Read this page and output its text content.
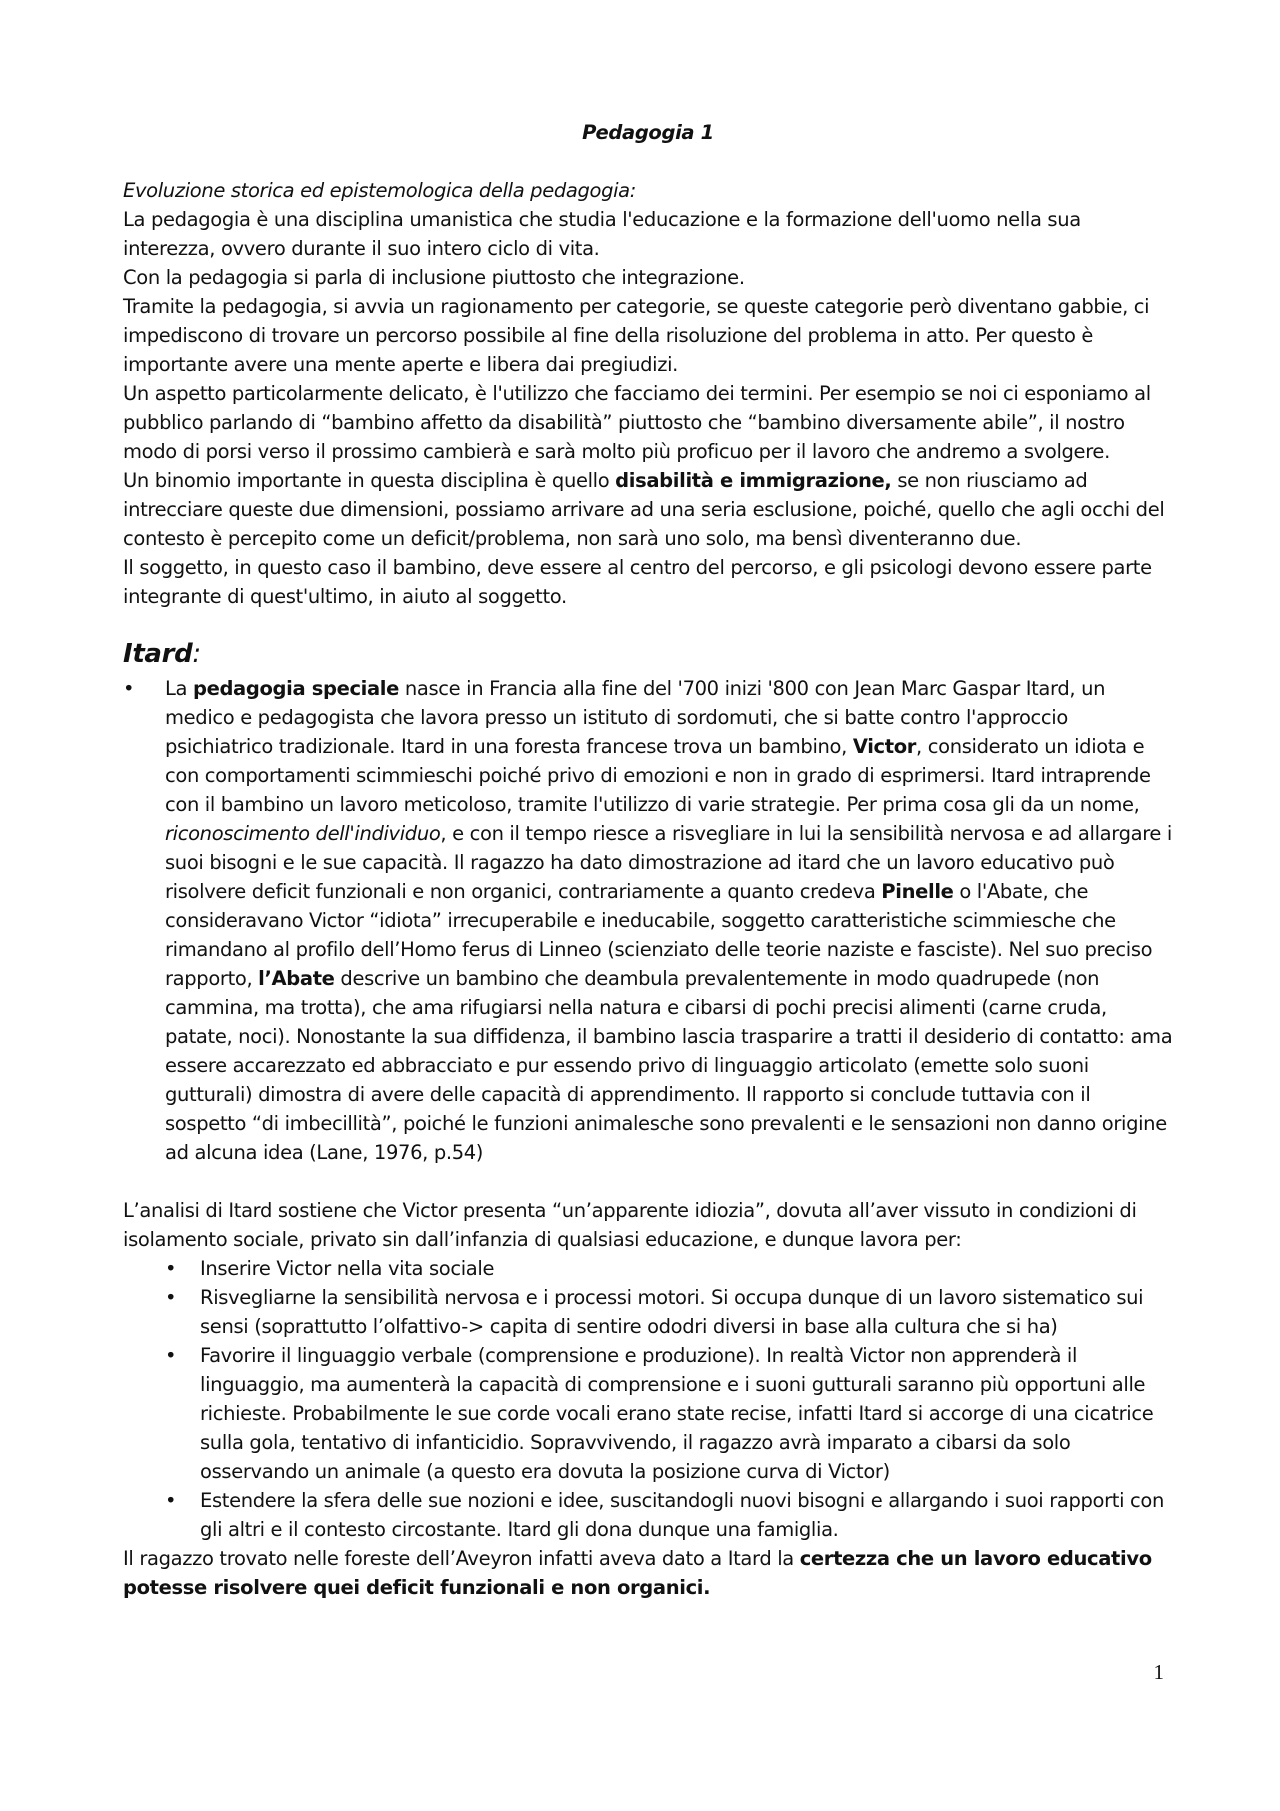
Pedagogia 1

Evoluzione storica ed epistemologica della pedagogia:

La pedagogia è una disciplina umanistica che studia l'educazione e la formazione dell'uomo nella sua interezza, ovvero durante il suo intero ciclo di vita.

Con la pedagogia si parla di inclusione piuttosto che integrazione.

Tramite la pedagogia, si avvia un ragionamento per categorie, se queste categorie però diventano gabbie, ci impediscono di trovare un percorso possibile al fine della risoluzione del problema in atto. Per questo è importante avere una mente aperte e libera dai pregiudizi.

Un aspetto particolarmente delicato, è l'utilizzo che facciamo dei termini. Per esempio se noi ci esponiamo al pubblico parlando di “bambino affetto da disabilità” piuttosto che “bambino diversamente abile”, il nostro modo di porsi verso il prossimo cambierà e sarà molto più proficuo per il lavoro che andremo a svolgere.

Un binomio importante in questa disciplina è quello disabilità e immigrazione, se non riusciamo ad intrecciare queste due dimensioni, possiamo arrivare ad una seria esclusione, poiché, quello che agli occhi del contesto è percepito come un deficit/problema, non sarà uno solo, ma bensì diventeranno due.

Il soggetto, in questo caso il bambino, deve essere al centro del percorso, e gli psicologi devono essere parte integrante di quest'ultimo, in aiuto al soggetto.

Itard:
• La pedagogia speciale nasce in Francia alla fine del '700 inizi '800 con Jean Marc Gaspar Itard, un medico e pedagogista che lavora presso un istituto di sordomuti, che si batte contro l'approccio psichiatrico tradizionale. Itard in una foresta francese trova un bambino, Victor, considerato un idiota e con comportamenti scimmieschi poiché privo di emozioni e non in grado di esprimersi. Itard intraprende con il bambino un lavoro meticoloso, tramite l'utilizzo di varie strategie. Per prima cosa gli da un nome, riconoscimento dell'individuo, e con il tempo riesce a risvegliare in lui la sensibilità nervosa e ad allargare i suoi bisogni e le sue capacità. Il ragazzo ha dato dimostrazione ad itard che un lavoro educativo può risolvere deficit funzionali e non organici, contrariamente a quanto credeva Pinelle o l'Abate, che consideravano Victor “idiota” irrecuperabile e ineducabile, soggetto caratteristiche scimmiesche che rimandano al profilo dell’Homo ferus di Linneo (scienziato delle teorie naziste e fasciste). Nel suo preciso rapporto, l’Abate descrive un bambino che deambula prevalentemente in modo quadrupede (non cammina, ma trotta), che ama rifugiarsi nella natura e cibarsi di pochi precisi alimenti (carne cruda, patate, noci). Nonostante la sua diffidenza, il bambino lascia trasparire a tratti il desiderio di contatto: ama essere accarezzato ed abbracciato e pur essendo privo di linguaggio articolato (emette solo suoni gutturali) dimostra di avere delle capacità di apprendimento. Il rapporto si conclude tuttavia con il sospetto “di imbecillità”, poiché le funzioni animalesche sono prevalenti e le sensazioni non danno origine ad alcuna idea (Lane, 1976, p.54)

L’analisi di Itard sostiene che Victor presenta “un’apparente idiozia”, dovuta all’aver vissuto in condizioni di isolamento sociale, privato sin dall’infanzia di qualsiasi educazione, e dunque lavora per:

• Inserire Victor nella vita sociale
• Risvegliarne la sensibilità nervosa e i processi motori. Si occupa dunque di un lavoro sistematico sui sensi (soprattutto l’olfattivo-> capita di sentire ododri diversi in base alla cultura che si ha)
• Favorire il linguaggio verbale (comprensione e produzione). In realtà Victor non apprenderà il linguaggio, ma aumenterà la capacità di comprensione e i suoni gutturali saranno più opportuni alle richieste. Probabilmente le sue corde vocali erano state recise, infatti Itard si accorge di una cicatrice sulla gola, tentativo di infanticidio. Sopravvivendo, il ragazzo avrà imparato a cibarsi da solo osservando un animale (a questo era dovuta la posizione curva di Victor)
• Estendere la sfera delle sue nozioni e idee, suscitandogli nuovi bisogni e allargando i suoi rapporti con gli altri e il contesto circostante. Itard gli dona dunque una famiglia.

Il ragazzo trovato nelle foreste dell’Aveyron infatti aveva dato a Itard la certezza che un lavoro educativo potesse risolvere quei deficit funzionali e non organici.

1
